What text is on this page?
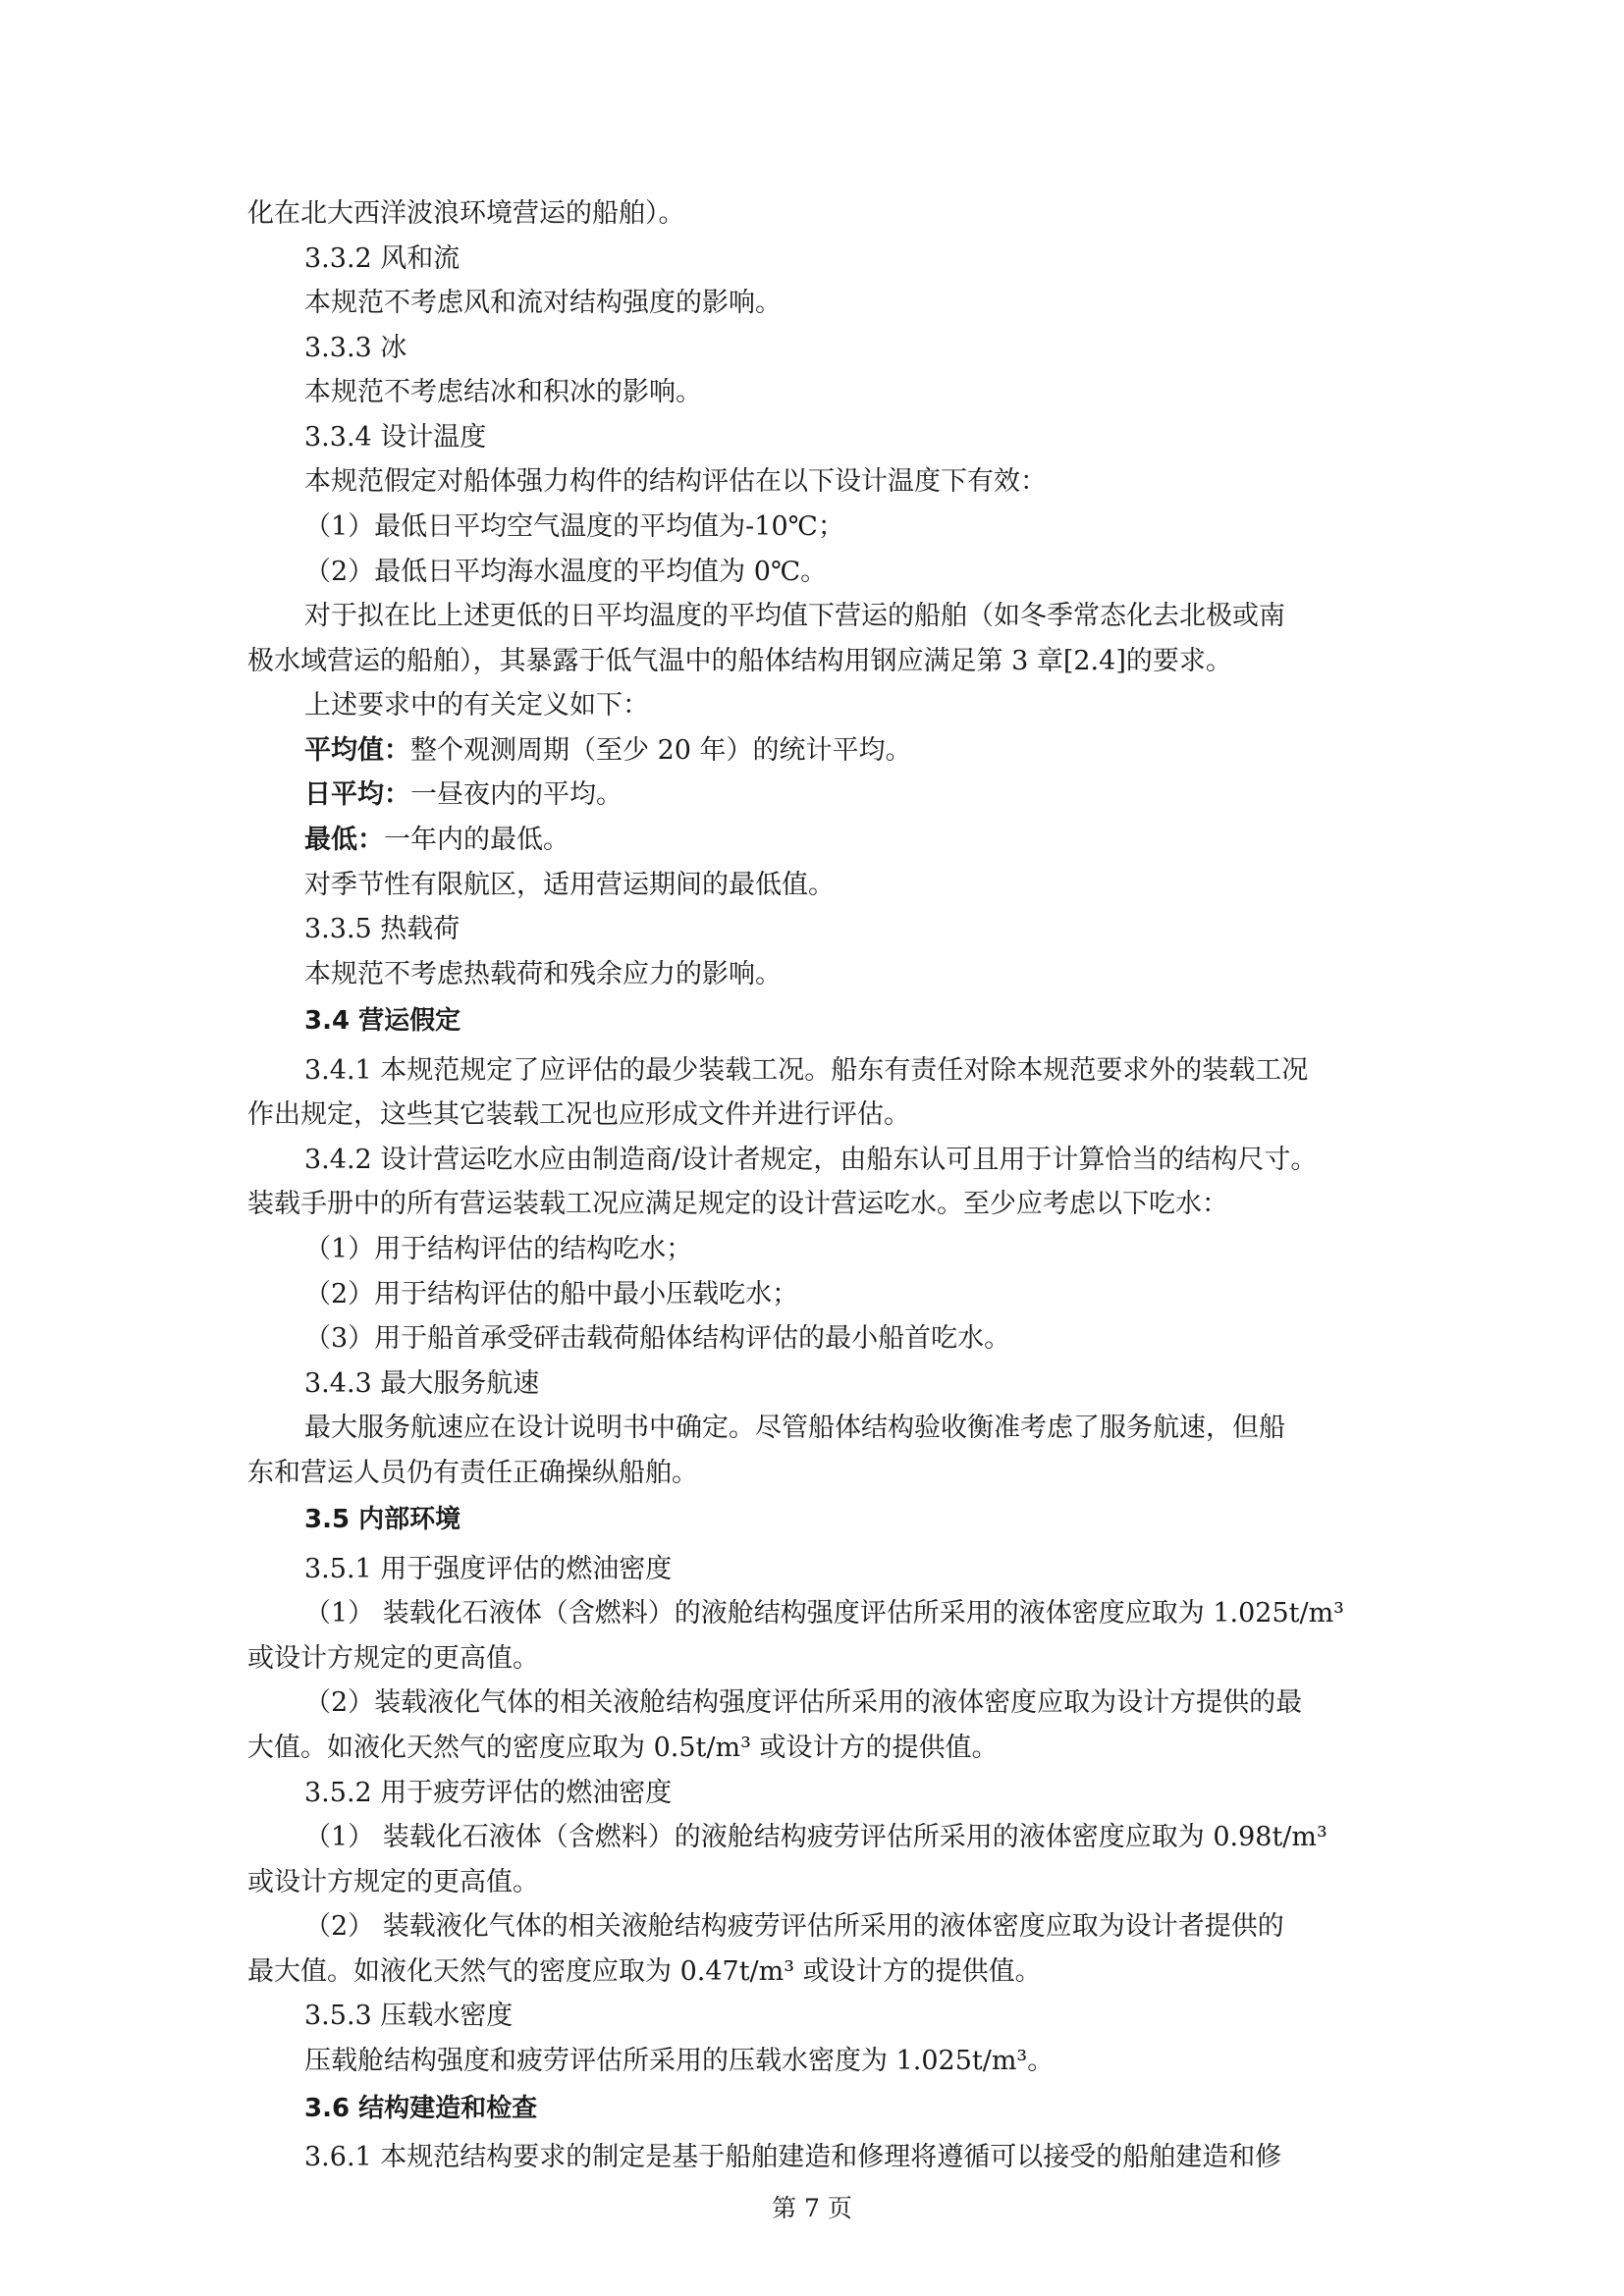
化在北大西洋波浪环境营运的船舶）。
3.3.2 风和流
本规范不考虑风和流对结构强度的影响。
3.3.3 冰
本规范不考虑结冰和积冰的影响。
3.3.4 设计温度
本规范假定对船体强力构件的结构评估在以下设计温度下有效：
（1）最低日平均空气温度的平均值为-10℃；
（2）最低日平均海水温度的平均值为 0℃。
对于拟在比上述更低的日平均温度的平均值下营运的船舶（如冬季常态化去北极或南
极水域营运的船舶），其暴露于低气温中的船体结构用钢应满足第 3 章[2.4]的要求。
上述要求中的有关定义如下：
平均值：整个观测周期（至少 20 年）的统计平均。
日平均：一昼夜内的平均。
最低：一年内的最低。
对季节性有限航区，适用营运期间的最低值。
3.3.5 热载荷
本规范不考虑热载荷和残余应力的影响。
3.4 营运假定
3.4.1 本规范规定了应评估的最少装载工况。船东有责任对除本规范要求外的装载工况
作出规定，这些其它装载工况也应形成文件并进行评估。
3.4.2 设计营运吃水应由制造商/设计者规定，由船东认可且用于计算恰当的结构尺寸。
装载手册中的所有营运装载工况应满足规定的设计营运吃水。至少应考虑以下吃水：
（1）用于结构评估的结构吃水；
（2）用于结构评估的船中最小压载吃水；
（3）用于船首承受砰击载荷船体结构评估的最小船首吃水。
3.4.3 最大服务航速
最大服务航速应在设计说明书中确定。尽管船体结构验收衡准考虑了服务航速，但船
东和营运人员仍有责任正确操纵船舶。
3.5 内部环境
3.5.1 用于强度评估的燃油密度
（1） 装载化石液体（含燃料）的液舱结构强度评估所采用的液体密度应取为 1.025t/m³
或设计方规定的更高值。
（2）装载液化气体的相关液舱结构强度评估所采用的液体密度应取为设计方提供的最
大值。如液化天然气的密度应取为 0.5t/m³ 或设计方的提供值。
3.5.2 用于疲劳评估的燃油密度
（1） 装载化石液体（含燃料）的液舱结构疲劳评估所采用的液体密度应取为 0.98t/m³
或设计方规定的更高值。
（2） 装载液化气体的相关液舱结构疲劳评估所采用的液体密度应取为设计者提供的
最大值。如液化天然气的密度应取为 0.47t/m³ 或设计方的提供值。
3.5.3 压载水密度
压载舱结构强度和疲劳评估所采用的压载水密度为 1.025t/m³。
3.6 结构建造和检查
3.6.1 本规范结构要求的制定是基于船舶建造和修理将遵循可以接受的船舶建造和修
第 7 页
